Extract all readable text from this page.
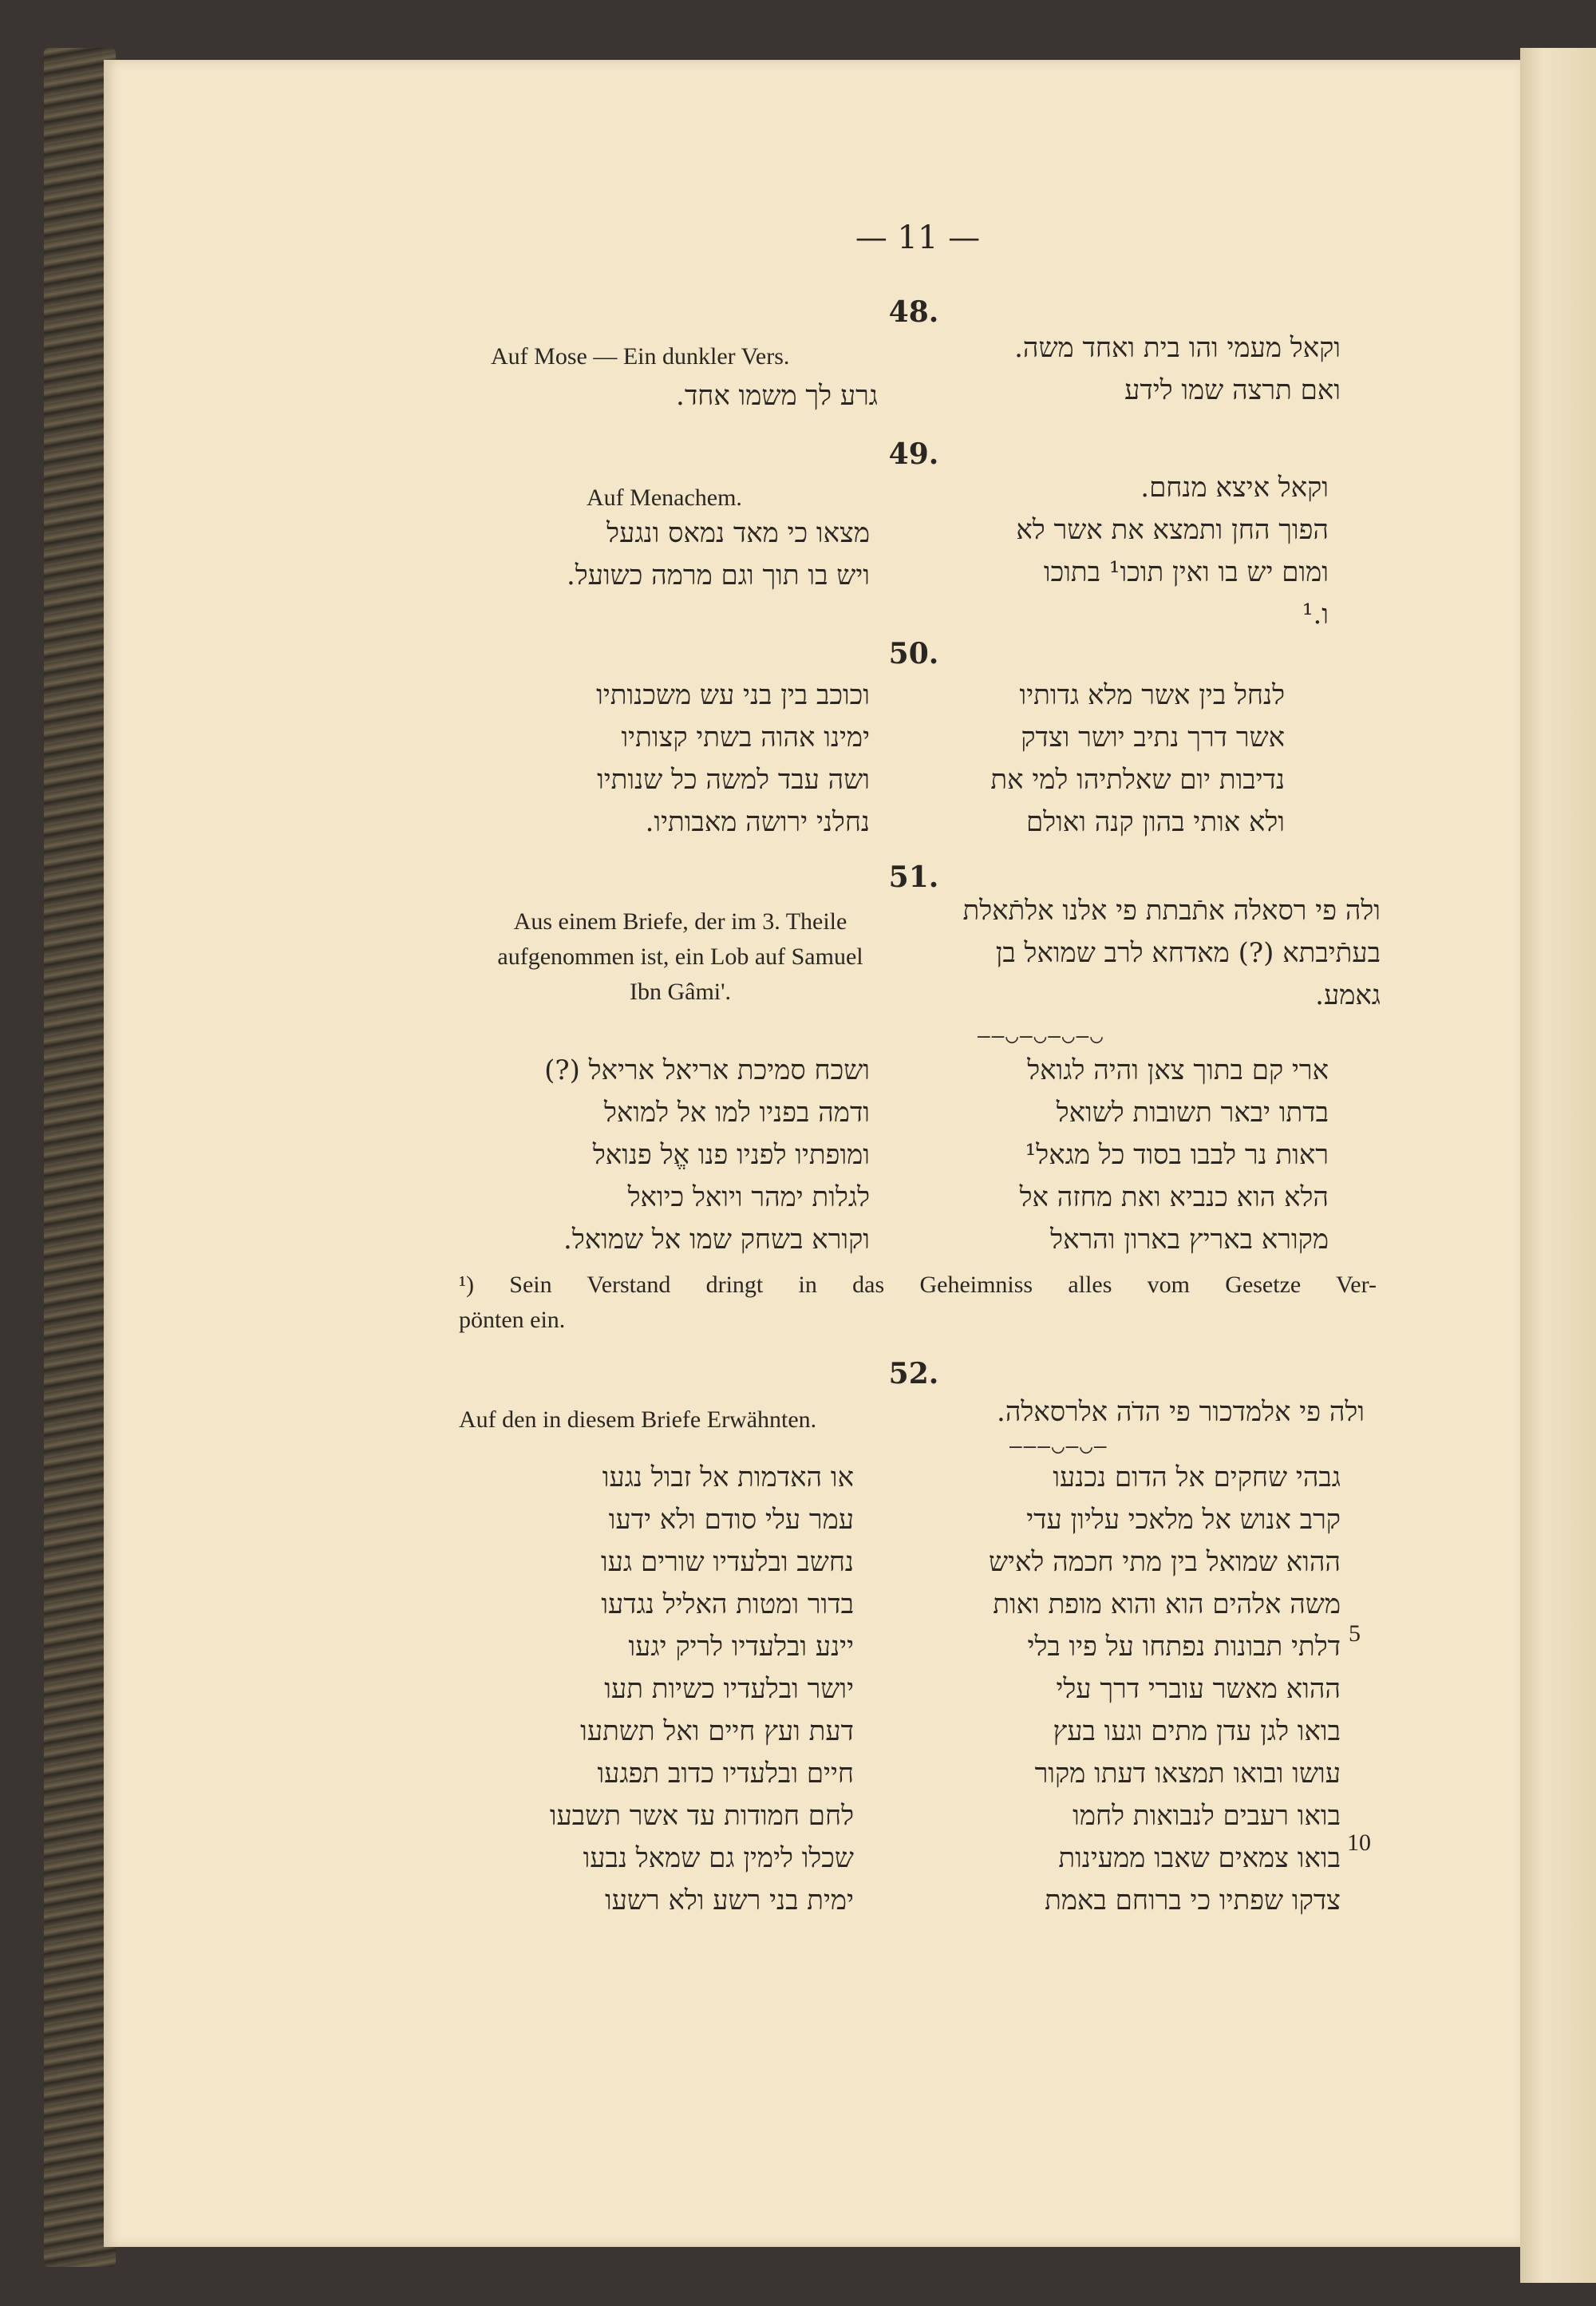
— 11 —
48.
Auf Mose — Ein dunkler Vers.
גרע לך משמו אחד.
וקאל מעמי והו בית ואחד משה.
ואם תרצה שמו לידע
49.
Auf Menachem.
מצאו כי מאד נמאס ונגעל
ויש בו תוך וגם מרמה כשועל.
וקאל איצא מנחם.
הפוך החן ותמצא את אשר לא
ומום יש בו ואין תוכו¹ בתוכו
ו.¹
50.
וכוכב בין בני עש משכנותיו
ימינו אהוה בשתי קצותיו
ושה עבד למשה כל שנותיו
נחלני ירושה מאבותיו.
לנחל בין אשר מלא גדותיו
אשר דרך נתיב יושר וצדק
נדיבות יום שאלתיהו למי את
ולא אותי בהון קנה ואולם
51.
Aus einem Briefe, der im 3. Theile
aufgenommen ist, ein Lob auf Samuel
Ibn Gâmi'.
ולה פי רסאלה אתֿבתת פי אלנו אלתֿאלת
בעתֿיבתא (?) מאדחא לרב שמואל בן
גאמע.
—–◡—◡—◡—◡
ושכח סמיכת אריאל אריאל (?)
ודמה בפניו למו אל למואל
ומופתיו לפניו פנו אֱל פנואל
לגלות ימהר ויואל כיואל
וקורא בשחק שמו אל שמואל.
ארי קם בתוך צאן והיה לגואל
בדתו יבאר תשובות לשואל
ראות נר לבבו בסוד כל מגאל¹
הלא הוא כנביא ואת מחזה אל
מקורא באריץ בארון והראל
¹) Sein Verstand dringt in das Geheimniss alles vom Gesetze Ver-
pönten ein.
52.
Auf den in diesem Briefe Erwähnten.	ולה פי אלמדכור פי הדֹה אלרסאלה.
———◡—◡—
או האדמות אל זבול נגעו
עמר עלי סודם ולא ידעו
נחשב ובלעדיו שורים געו
בדור ומטות האליל נגדעו
יינע ובלעדיו לריק יגעו
יושר ובלעדיו כשיות תעו
דעת ועץ חיים ואל תשתעו
חיים ובלעדיו כדוב תפגעו
לחם חמודות עד אשר תשבעו
שכלו לימין גם שמאל נבעו
ימית בני רשע ולא רשעו
גבהי שחקים אל הדום נכנעו
קרב אנוש אל מלאכי עליון עדי
ההוא שמואל בין מתי חכמה לאיש
משה אלהים הוא והוא מופת ואות
דלתי תבונות נפתחו על פיו בלי
ההוא מאשר עוברי דרך עלי
בואו לגן עדן מתים וגעו בעץ
עושו ובואו תמצאו דעתו מקור
בואו רעבים לנבואות לחמו
בואו צמאים שאבו ממעינות
צדקו שפתיו כי ברוחם באמת
5
10
